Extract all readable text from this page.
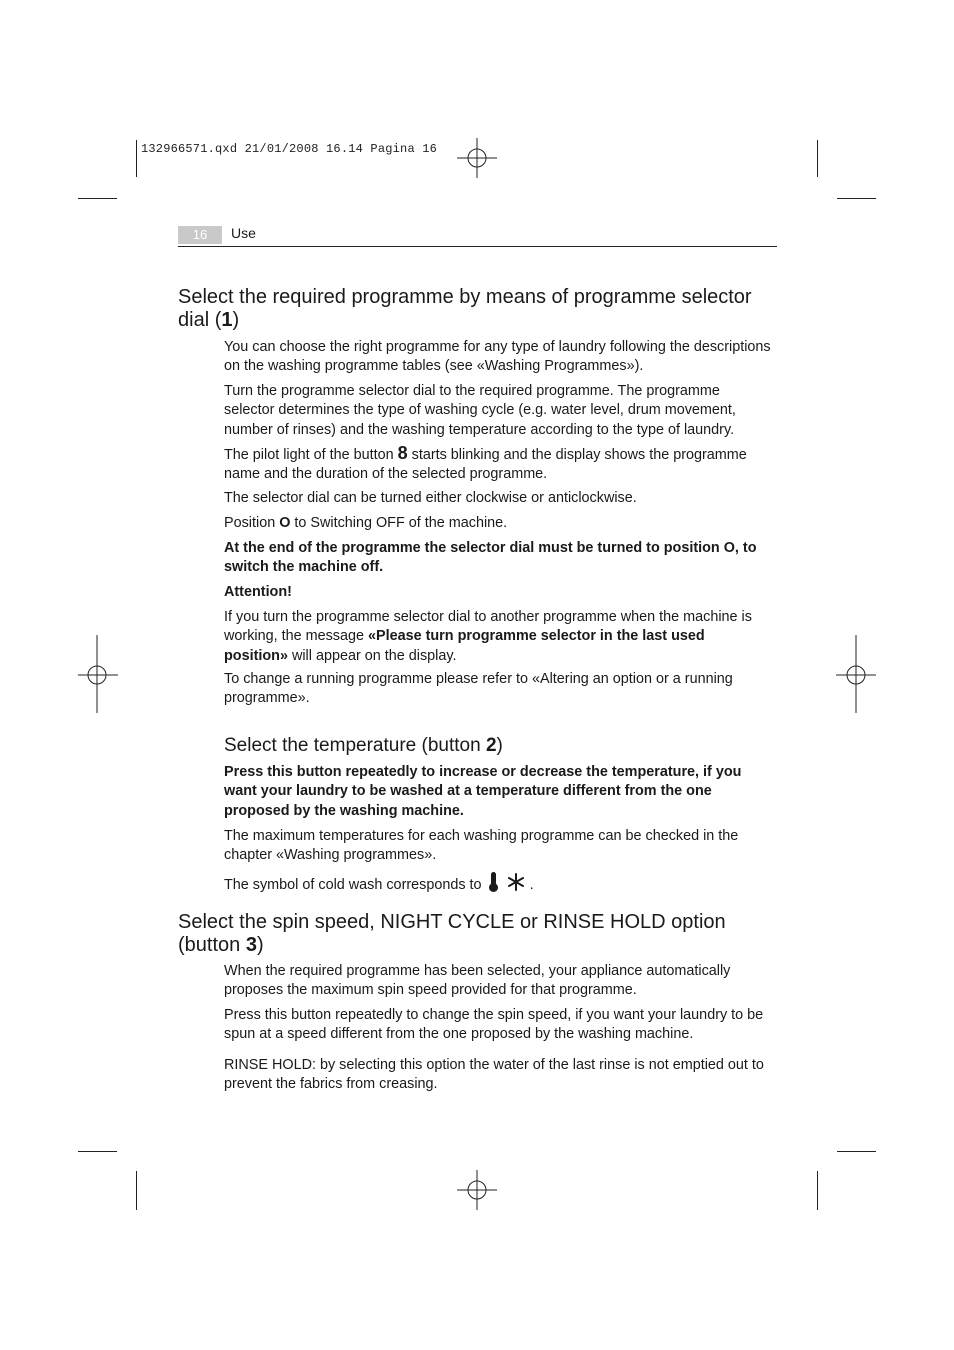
132966571.qxd 21/01/2008 16.14 Pagina 16
16	Use
Select the required programme by means of programme selector dial (1)

You can choose the right programme for any type of laundry following the descriptions on the washing programme tables (see «Washing Programmes»).

Turn the programme selector dial to the required programme. The programme selector determines the type of washing cycle (e.g. water level, drum movement, number of rinses) and the washing temperature according to the type of laundry.

The pilot light of the button 8 starts blinking and the display shows the programme name and the duration of the selected programme.

The selector dial can be turned either clockwise or anticlockwise.

Position O to Switching OFF of the machine.

At the end of the programme the selector dial must be turned to position O, to switch the machine off.

Attention!

If you turn the programme selector dial to another programme when the machine is working, the message «Please turn programme selector in the last used position» will appear on the display.

To change a running programme please refer to «Altering an option or a running programme».

Select the temperature (button 2)

Press this button repeatedly to increase or decrease the temperature, if you want your laundry to be washed at a temperature different from the one proposed by the washing machine.

The maximum temperatures for each washing programme can be checked in the chapter «Washing programmes».

The symbol of cold wash corresponds to	.

Select the spin speed, NIGHT CYCLE or RINSE HOLD option (button 3)

When the required programme has been selected, your appliance automatically proposes the maximum spin speed provided for that programme.

Press this button repeatedly to change the spin speed, if you want your laundry to be spun at a speed different from the one proposed by the washing machine.

RINSE HOLD: by selecting this option the water of the last rinse is not emptied out to prevent the fabrics from creasing.
